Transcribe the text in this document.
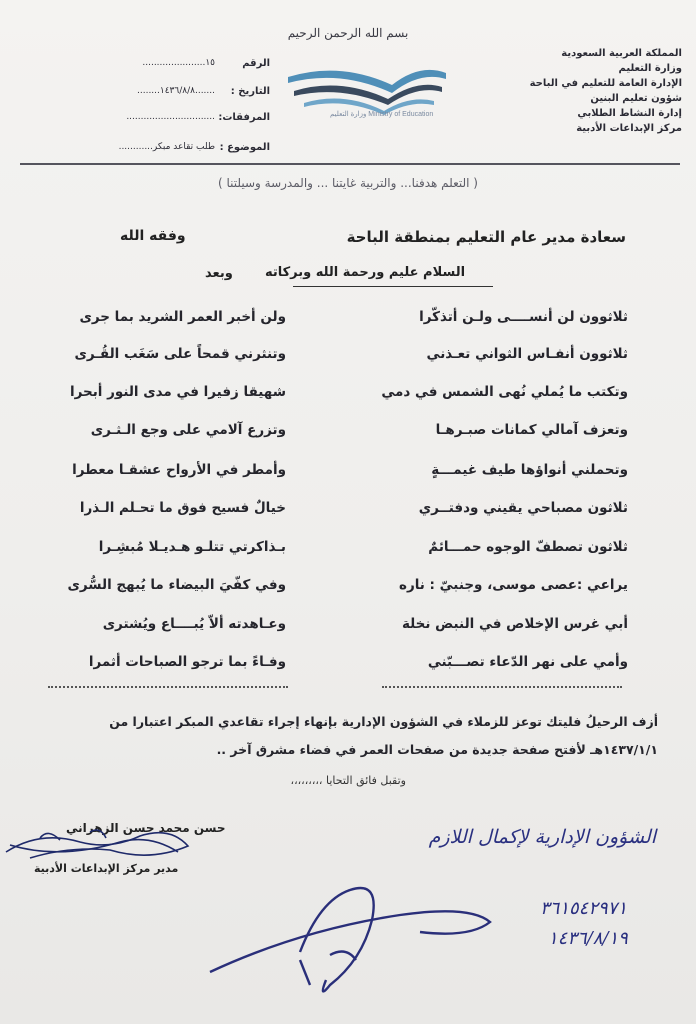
بسم الله الرحمن الرحيم
المملكة العربية السعودية
وزارة التعليم
الإدارة العامة للتعليم في الباحة
شؤون تعليم البنين
إدارة النشاط الطلابي
مركز الإبداعات الأدبية
الرقم
......................١٥
التاريخ :
........١٤٣٦/٨/٨.......
المرفقات:
...............................
الموضوع :
............طلب تقاعد مبكر
وزارة التعليم Ministry of Education
( التعلم هدفنا... والتربية غايتنا ... والمدرسة وسيلتنا )
سعادة مدير عام التعليم بمنطقة الباحة
وفقه الله
السلام عليم ورحمة الله وبركاته
وبعد
ثلاثوون لن أنســــى ولـن أتذكّرا
ولن أخبر العمر الشريد بما جرى
ثلاثوون أنفـاس الثواني تعـذني
وتنثرني قمحاً على سَغَب القُـرى
وتكتب ما يُملي نُهى الشمس في دمي
شهيقا زفيرا في مدى النور أبحرا
وتعزف آمالي كمانات صبـرهـا
وتزرع آلامي على وجع الـثـرى
وتحملني أنواؤها طيف غيمـــةٍ
وأمطر في الأرواح عشقـا معطرا
ثلاثون مصباحي يقيني ودفتــري
خيالٌ فسيح فوق ما تحـلم الـذرا
ثلاثون تصطفّ الوجوه حمـــائمٌ
بـذاكرتي تتلـو هـديـلا مُبشِـرا
يراعي :عصى موسى، وجنبيّ : ناره
وفي كفّيَ البيضاء ما يُبهج السُّرى
أبي غرس الإخلاص في النبض نخلة
وعـاهدته ألاّ يُبــــاع ويُشترى
وأمي على نهر الدّعاء تصـــبّني
وفـاءً بما ترجو الصباحات أثمرا
أزف الرحيلُ فليتك توعز للزملاء في الشؤون الإدارية بإنهاء إجراء تقاعدي المبكر اعتبارا من
١٤٣٧/١/١هـ لأفتح صفحة جديدة من صفحات العمر في فضاء مشرق آخر ..
وتقبل فائق التحايا ،،،،،،،،،
حسن محمد حسن الزهراني
مدير مركز الإبداعات الأدبية
الشؤون الإدارية لإكمال اللازم
٣٦١٥٤٢٩٧١
١٤٣٦/٨/١٩
